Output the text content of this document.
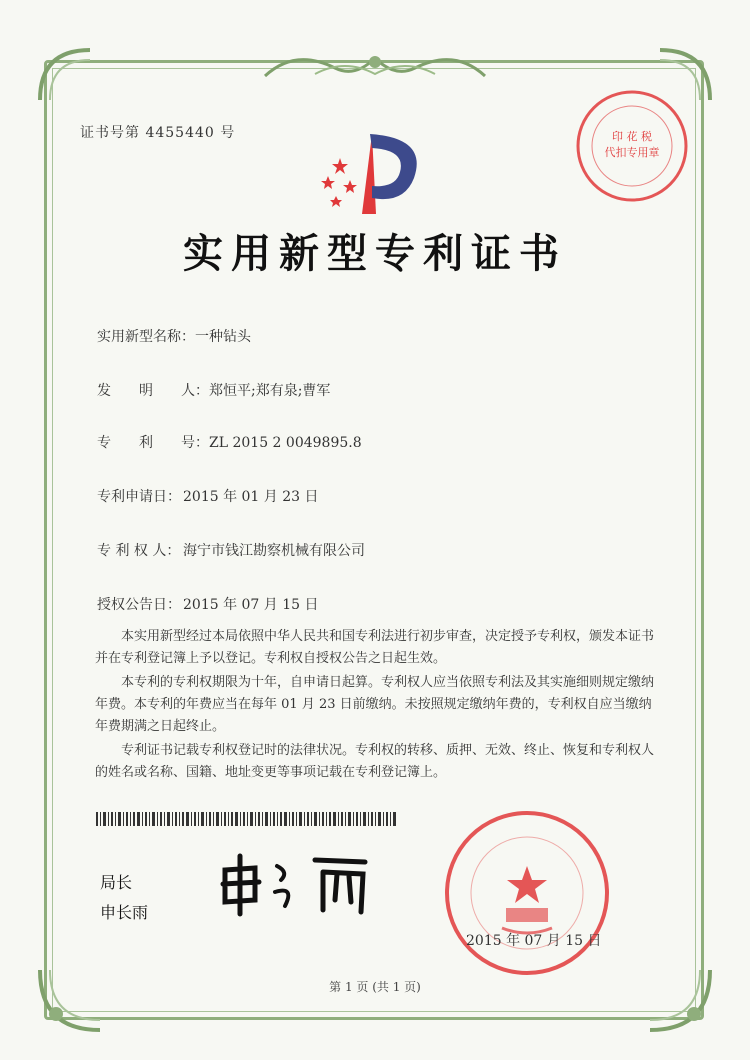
印 花 税
代扣专用章
证书号第 4455440 号
实用新型专利证书
实用新型名称：一种钻头
发　　明　　人：郑恒平;郑有泉;曹军
专　　利　　号：ZL 2015 2 0049895.8
专利申请日： 2015 年 01 月 23 日
专 利 权 人： 海宁市钱江勘察机械有限公司
授权公告日： 2015 年 07 月 15 日

本实用新型经过本局依照中华人民共和国专利法进行初步审查，决定授予专利权，颁发本证书并在专利登记簿上予以登记。专利权自授权公告之日起生效。

本专利的专利权期限为十年，自申请日起算。专利权人应当依照专利法及其实施细则规定缴纳年费。本专利的年费应当在每年 01 月 23 日前缴纳。未按照规定缴纳年费的，专利权自应当缴纳年费期满之日起终止。

专利证书记载专利权登记时的法律状况。专利权的转移、质押、无效、终止、恢复和专利权人的姓名或名称、国籍、地址变更等事项记载在专利登记簿上。

局长
申长雨
2015 年 07 月 15 日
第 1 页 (共 1 页)
